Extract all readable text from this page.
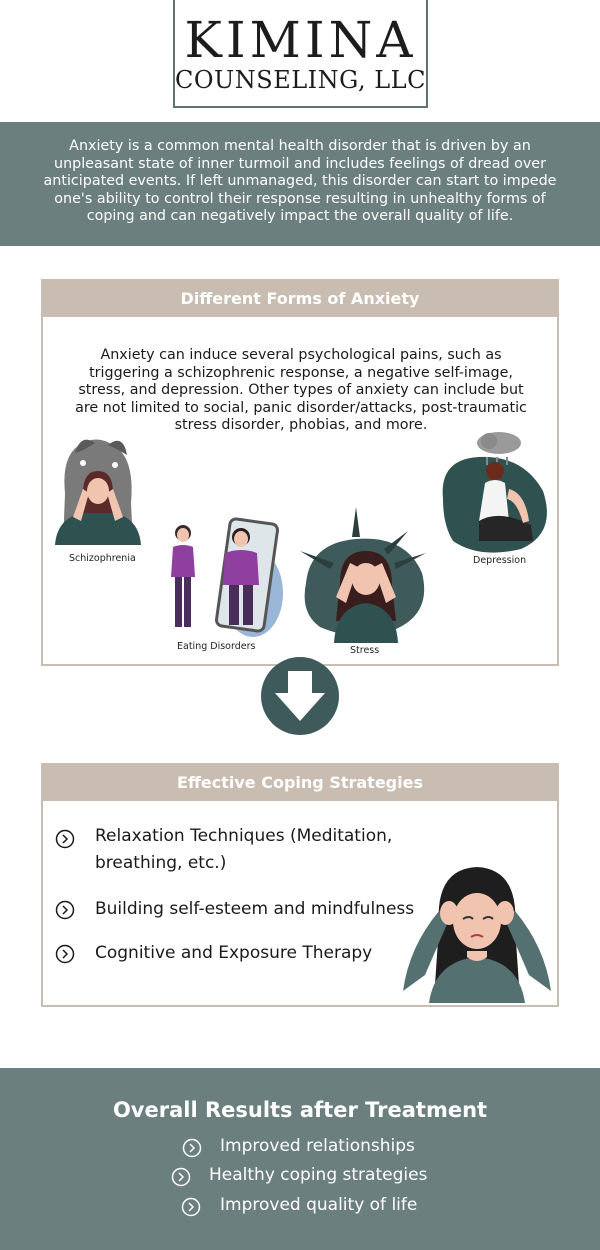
KIMINA
COUNSELING, LLC

Anxiety is a common mental health disorder that is driven by an unpleasant state of inner turmoil and includes feelings of dread over anticipated events. If left unmanaged, this disorder can start to impede one's ability to control their response resulting in unhealthy forms of coping and can negatively impact the overall quality of life.

Different Forms of Anxiety

Anxiety can induce several psychological pains, such as triggering a schizophrenic response, a negative self-image, stress, and depression. Other types of anxiety can include but are not limited to social, panic disorder/attacks, post-traumatic stress disorder, phobias, and more.

Schizophrenia
Eating Disorders	Stress
Depression
Effective Coping Strategies
Relaxation Techniques (Meditation, breathing, etc.)
Building self-esteem and mindfulness
Cognitive and Exposure Therapy
Overall Results after Treatment
Improved relationships
Healthy coping strategies
Improved quality of life
